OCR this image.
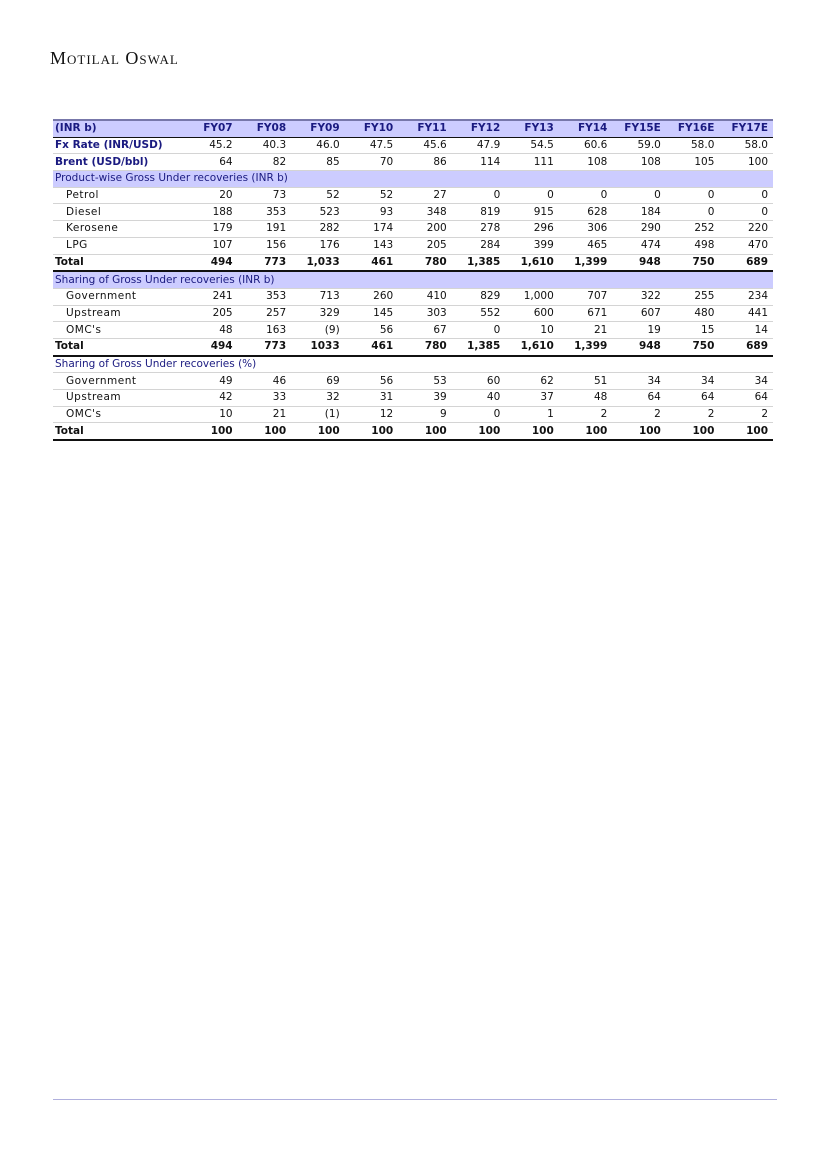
Motilal Oswal
(INR b)	FY07	FY08	FY09	FY10	FY11	FY12	FY13	FY14	FY15E	FY16E	FY17E
Fx Rate (INR/USD)	45.2	40.3	46.0	47.5	45.6	47.9	54.5	60.6	59.0	58.0	58.0
Brent (USD/bbl)	64	82	85	70	86	114	111	108	108	105	100
Product-wise Gross Under recoveries (INR b)											
Petrol	20	73	52	52	27	0	0	0	0	0	0
Diesel	188	353	523	93	348	819	915	628	184	0	0
Kerosene	179	191	282	174	200	278	296	306	290	252	220
LPG	107	156	176	143	205	284	399	465	474	498	470
Total	494	773	1,033	461	780	1,385	1,610	1,399	948	750	689
Sharing of Gross Under recoveries (INR b)											
Government	241	353	713	260	410	829	1,000	707	322	255	234
Upstream	205	257	329	145	303	552	600	671	607	480	441
OMC's	48	163	(9)	56	67	0	10	21	19	15	14
Total	494	773	1033	461	780	1,385	1,610	1,399	948	750	689
Sharing of Gross Under recoveries (%)											
Government	49	46	69	56	53	60	62	51	34	34	34
Upstream	42	33	32	31	39	40	37	48	64	64	64
OMC's	10	21	(1)	12	9	0	1	2	2	2	2
Total	100	100	100	100	100	100	100	100	100	100	100
